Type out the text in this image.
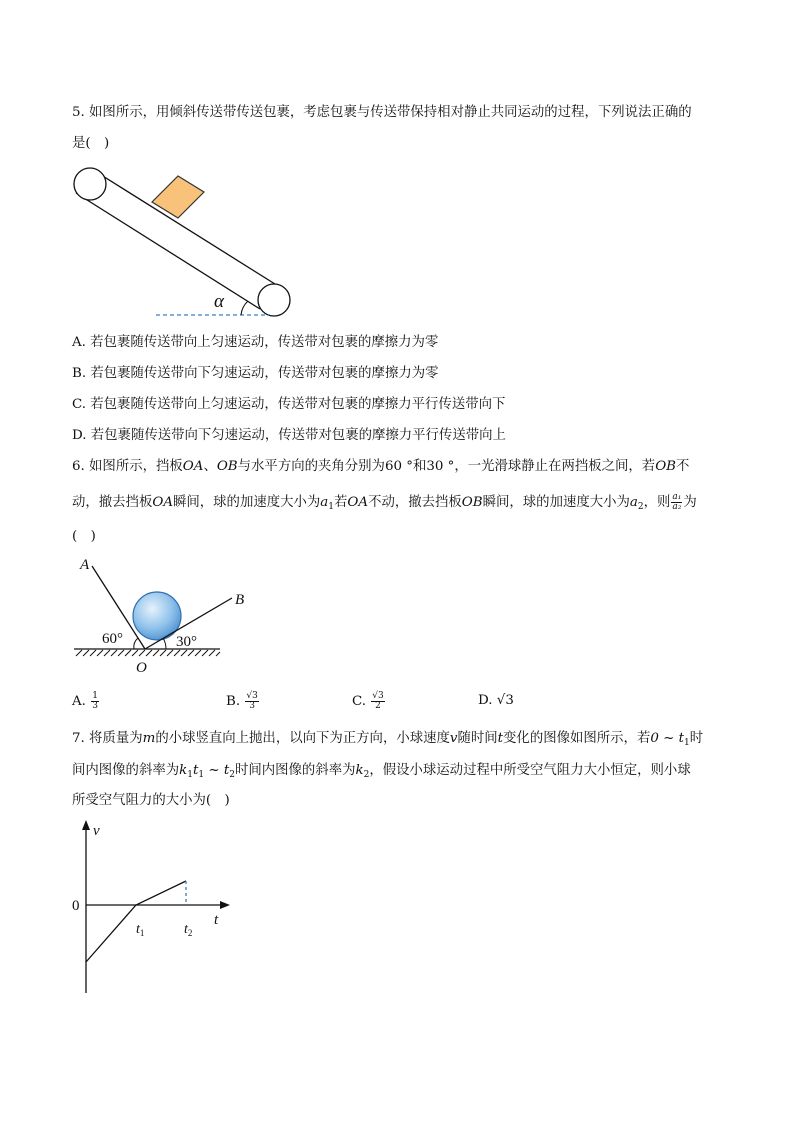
5. 如图所示，用倾斜传送带传送包裹，考虑包裹与传送带保持相对静止共同运动的过程，下列说法正确的
是(　)
α
A. 若包裹随传送带向上匀速运动，传送带对包裹的摩擦力为零
B. 若包裹随传送带向下匀速运动，传送带对包裹的摩擦力为零
C. 若包裹随传送带向上匀速运动，传送带对包裹的摩擦力平行传送带向下
D. 若包裹随传送带向下匀速运动，传送带对包裹的摩擦力平行传送带向上
6. 如图所示，挡板OA、OB与水平方向的夹角分别为60 °和30 °，一光滑球静止在两挡板之间，若OB不
动，撤去挡板OA瞬间，球的加速度大小为$a_1$若OA不动，撤去挡板OB瞬间，球的加速度大小为$a_2$，则 $\frac{\text{a₁}}{\text{a₂}}$ 为
(　)
A
B
O
60°	30°
A. $\frac{1}{3}$	B. $\frac{√3}{3}$	C. $\frac{√3}{2}$	D. √3
7. 将质量为m的小球竖直向上抛出，以向下为正方向，小球速度v随时间t变化的图像如图所示，若0 ~ $t_1$时
间内图像的斜率为$k_1t_1$ ~ $t_2$时间内图像的斜率为$k_2$，假设小球运动过程中所受空气阻力大小恒定，则小球
所受空气阻力的大小为(　)
v
t
0
$t_1$	$t_2$
